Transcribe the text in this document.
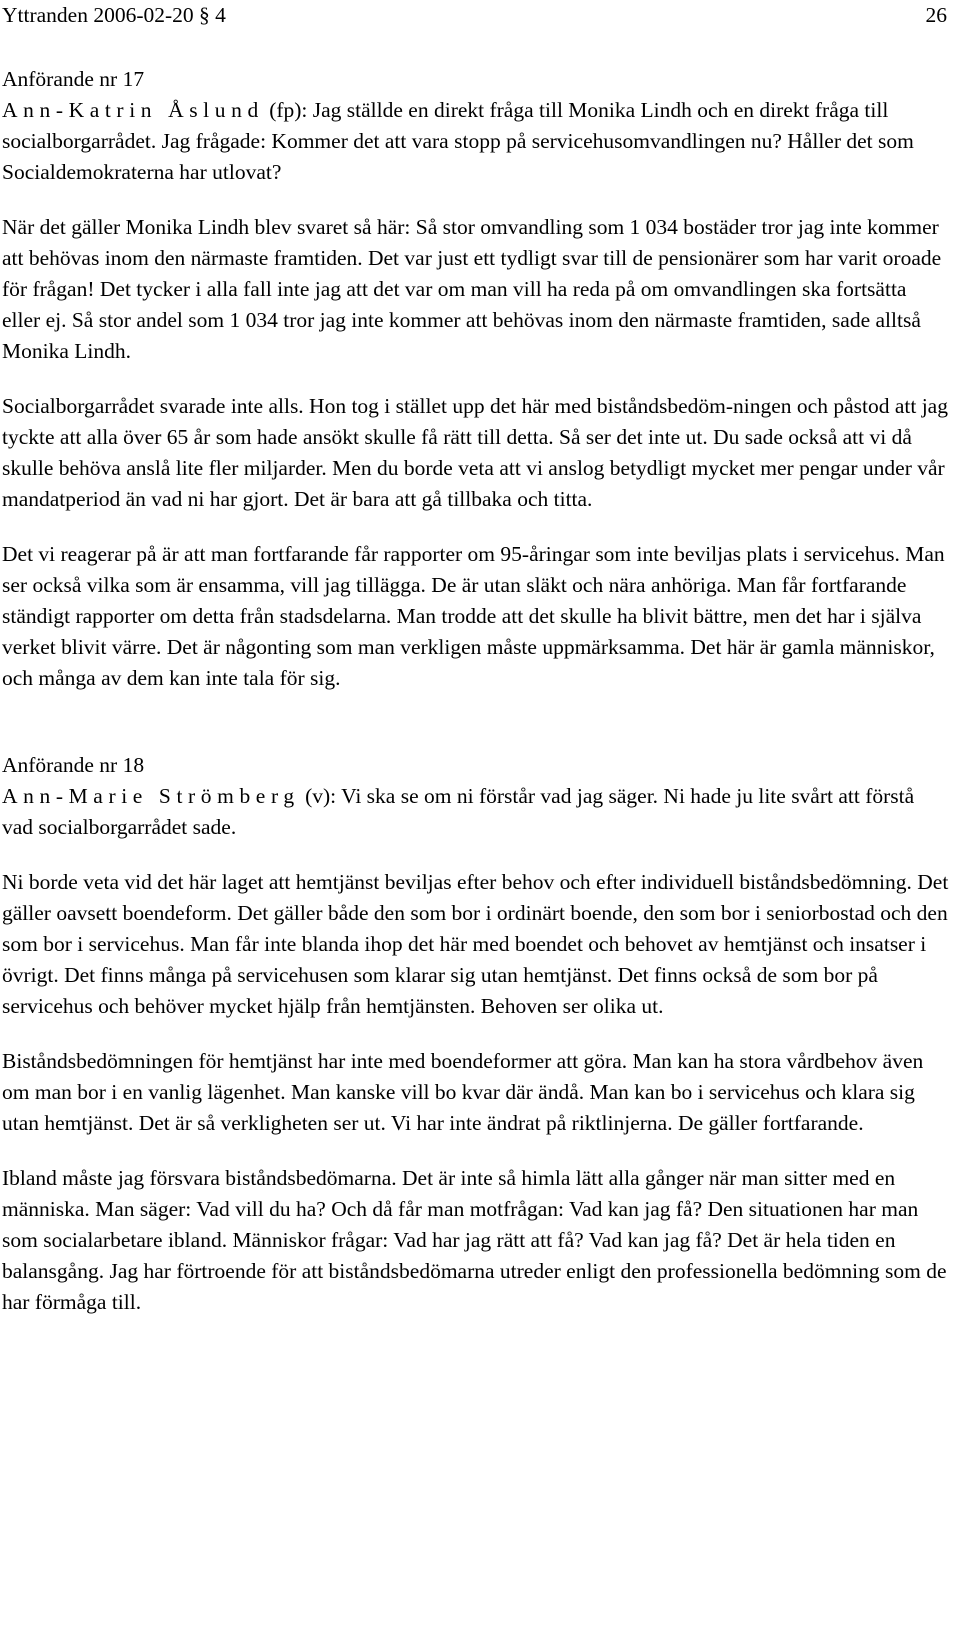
Yttranden 2006-02-20 § 4	26

Anförande nr 17

Ann-Katrin Åslund (fp): Jag ställde en direkt fråga till Monika Lindh och en direkt fråga till socialborgarrådet. Jag frågade: Kommer det att vara stopp på servicehusomvandlingen nu? Håller det som Socialdemokraterna har utlovat?

När det gäller Monika Lindh blev svaret så här: Så stor omvandling som 1 034 bostäder tror jag inte kommer att behövas inom den närmaste framtiden. Det var just ett tydligt svar till de pensionärer som har varit oroade för frågan! Det tycker i alla fall inte jag att det var om man vill ha reda på om omvandlingen ska fortsätta eller ej. Så stor andel som 1 034 tror jag inte kommer att behövas inom den närmaste framtiden, sade alltså Monika Lindh.

Socialborgarrådet svarade inte alls. Hon tog i stället upp det här med biståndsbedöm-ningen och påstod att jag tyckte att alla över 65 år som hade ansökt skulle få rätt till detta. Så ser det inte ut. Du sade också att vi då skulle behöva anslå lite fler miljarder. Men du borde veta att vi anslog betydligt mycket mer pengar under vår mandatperiod än vad ni har gjort. Det är bara att gå tillbaka och titta.

Det vi reagerar på är att man fortfarande får rapporter om 95-åringar som inte beviljas plats i servicehus. Man ser också vilka som är ensamma, vill jag tillägga. De är utan släkt och nära anhöriga. Man får fortfarande ständigt rapporter om detta från stadsdelarna. Man trodde att det skulle ha blivit bättre, men det har i själva verket blivit värre. Det är någonting som man verkligen måste uppmärksamma. Det här är gamla människor, och många av dem kan inte tala för sig.

Anförande nr 18

Ann-Marie Strömberg (v): Vi ska se om ni förstår vad jag säger. Ni hade ju lite svårt att förstå vad socialborgarrådet sade.

Ni borde veta vid det här laget att hemtjänst beviljas efter behov och efter individuell biståndsbedömning. Det gäller oavsett boendeform. Det gäller både den som bor i ordinärt boende, den som bor i seniorbostad och den som bor i servicehus. Man får inte blanda ihop det här med boendet och behovet av hemtjänst och insatser i övrigt. Det finns många på servicehusen som klarar sig utan hemtjänst. Det finns också de som bor på servicehus och behöver mycket hjälp från hemtjänsten. Behoven ser olika ut.

Biståndsbedömningen för hemtjänst har inte med boendeformer att göra. Man kan ha stora vårdbehov även om man bor i en vanlig lägenhet. Man kanske vill bo kvar där ändå. Man kan bo i servicehus och klara sig utan hemtjänst. Det är så verkligheten ser ut. Vi har inte ändrat på riktlinjerna. De gäller fortfarande.

Ibland måste jag försvara biståndsbedömarna. Det är inte så himla lätt alla gånger när man sitter med en människa. Man säger: Vad vill du ha? Och då får man motfrågan: Vad kan jag få? Den situationen har man som socialarbetare ibland. Människor frågar: Vad har jag rätt att få? Vad kan jag få? Det är hela tiden en balansgång. Jag har förtroende för att biståndsbedömarna utreder enligt den professionella bedömning som de har förmåga till.
